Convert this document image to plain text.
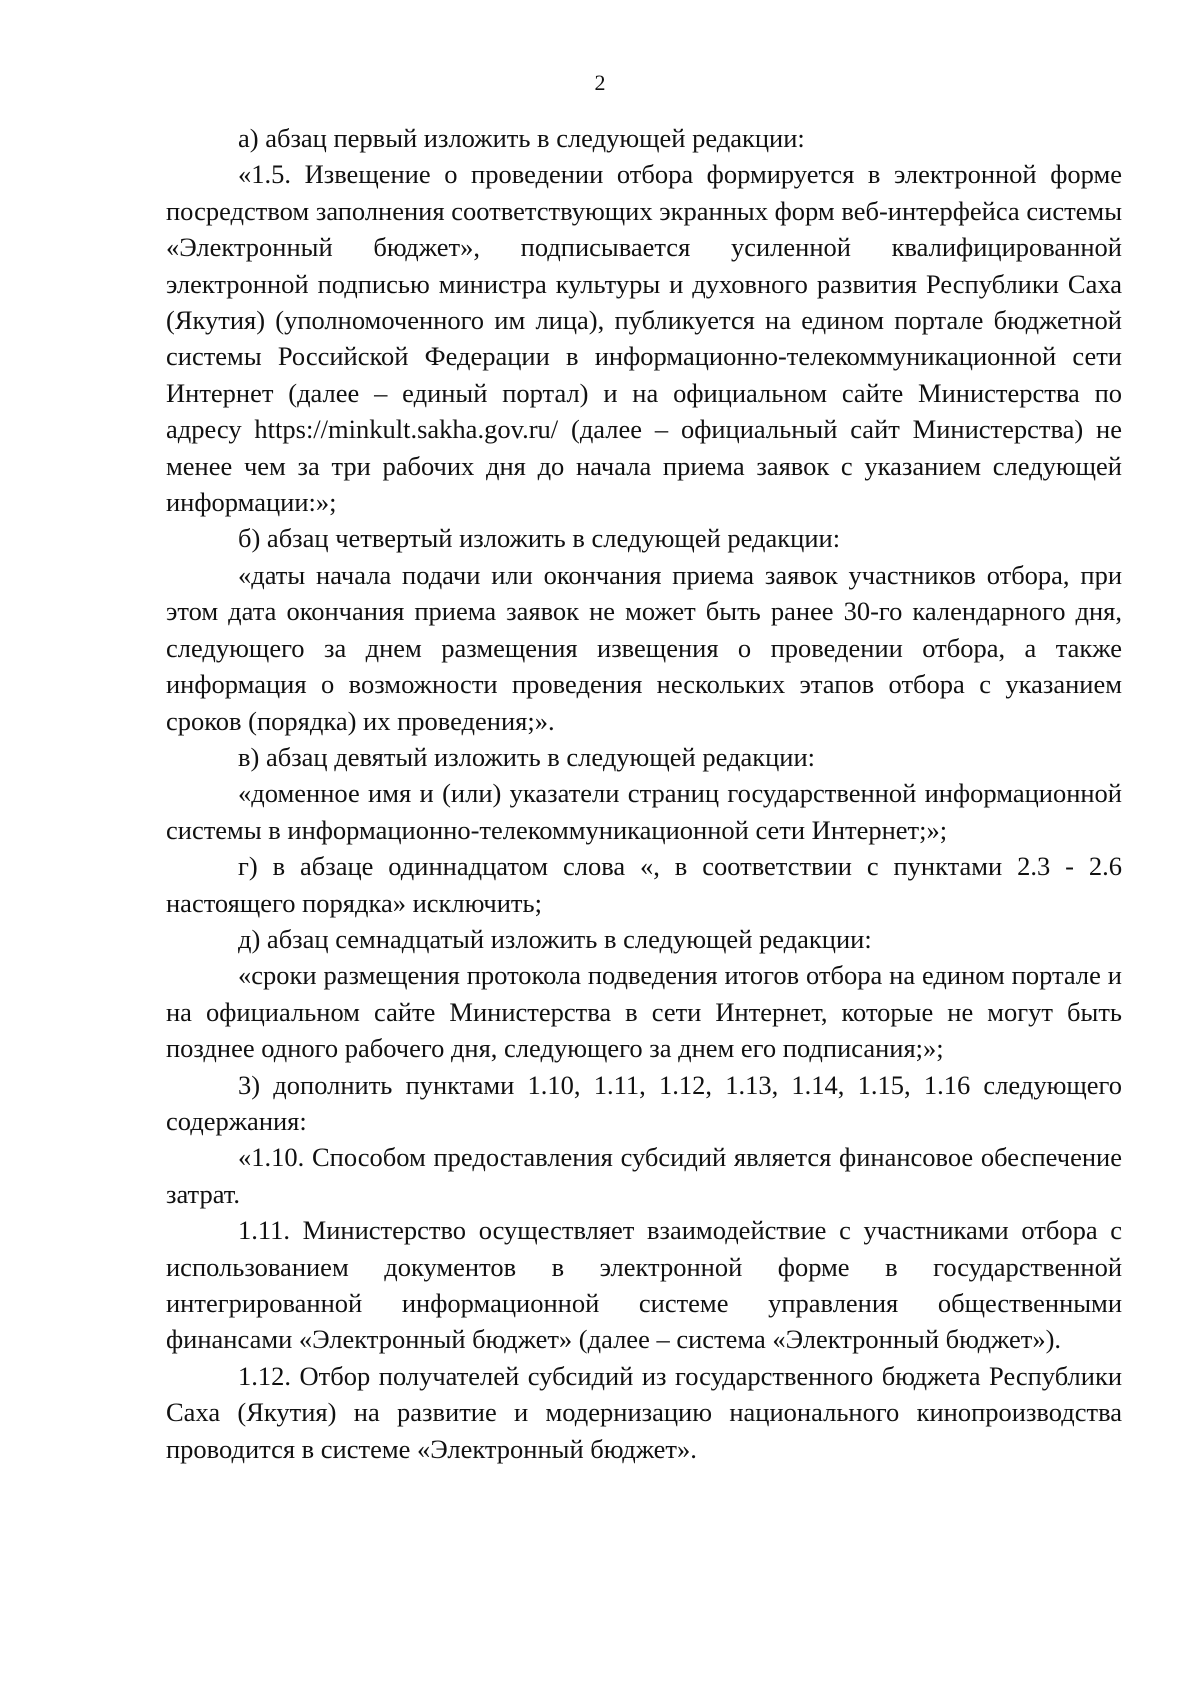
2

а) абзац первый изложить в следующей редакции:

«1.5. Извещение о проведении отбора формируется в электронной форме посредством заполнения соответствующих экранных форм веб-интерфейса системы «Электронный бюджет», подписывается усиленной квалифицированной электронной подписью министра культуры и духовного развития Республики Саха (Якутия) (уполномоченного им лица), публикуется на едином портале бюджетной системы Российской Федерации в информационно-телекоммуникационной сети Интернет (далее – единый портал) и на официальном сайте Министерства по адресу https://minkult.sakha.gov.ru/ (далее – официальный сайт Министерства) не менее чем за три рабочих дня до начала приема заявок с указанием следующей информации:»;

б) абзац четвертый изложить в следующей редакции:

«даты начала подачи или окончания приема заявок участников отбора, при этом дата окончания приема заявок не может быть ранее 30-го календарного дня, следующего за днем размещения извещения о проведении отбора, а также информация о возможности проведения нескольких этапов отбора с указанием сроков (порядка) их проведения;».

в) абзац девятый изложить в следующей редакции:

«доменное имя и (или) указатели страниц государственной информационной системы в информационно-телекоммуникационной сети Интернет;»;

г) в абзаце одиннадцатом слова «, в соответствии с пунктами 2.3 - 2.6 настоящего порядка» исключить;

д) абзац семнадцатый изложить в следующей редакции:

«сроки размещения протокола подведения итогов отбора на едином портале и на официальном сайте Министерства в сети Интернет, которые не могут быть позднее одного рабочего дня, следующего за днем его подписания;»;

3) дополнить пунктами 1.10, 1.11, 1.12, 1.13, 1.14, 1.15, 1.16 следующего содержания:

«1.10. Способом предоставления субсидий является финансовое обеспечение затрат.

1.11. Министерство осуществляет взаимодействие с участниками отбора с использованием документов в электронной форме в государственной интегрированной информационной системе управления общественными финансами «Электронный бюджет» (далее – система «Электронный бюджет»).

1.12. Отбор получателей субсидий из государственного бюджета Республики Саха (Якутия) на развитие и модернизацию национального кинопроизводства проводится в системе «Электронный бюджет».
